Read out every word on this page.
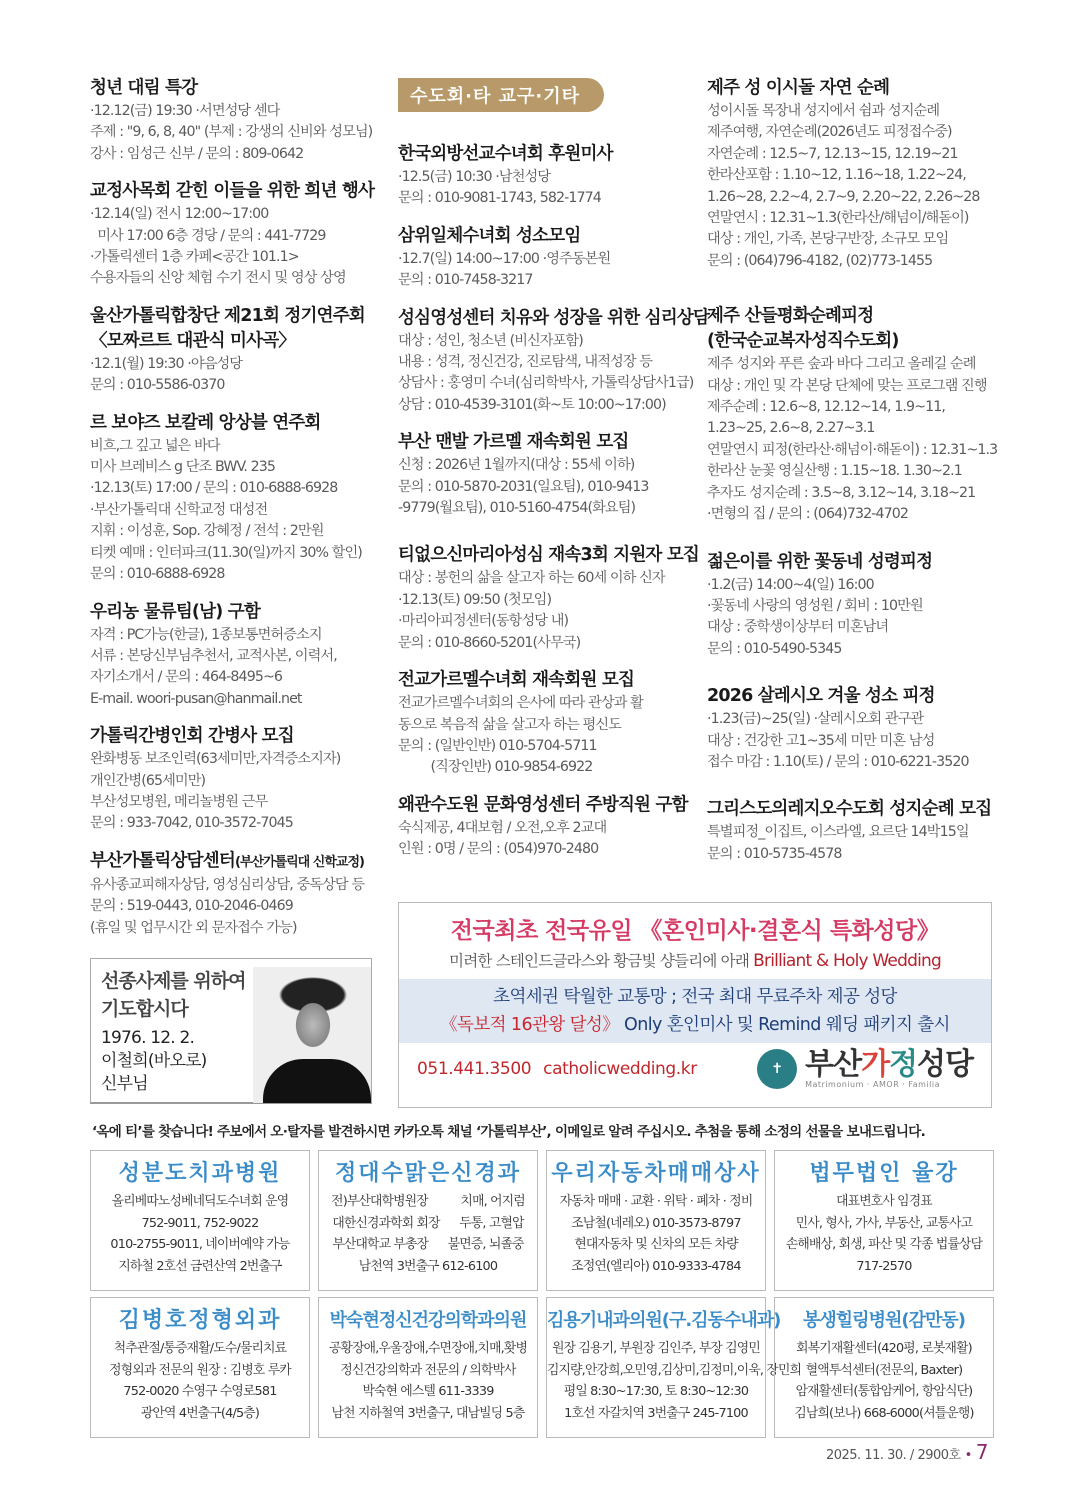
청년 대림 특강
·12.12(금) 19:30 ·서면성당 센다
주제 : "9, 6, 8, 40" (부제 : 강생의 신비와 성모님)
강사 : 임성근 신부 / 문의 : 809-0642
교정사목회 갇힌 이들을 위한 희년 행사
·12.14(일) 전시 12:00~17:00
미사 17:00 6층 경당 / 문의 : 441-7729
·가톨릭센터 1층 카페<공간 101.1>
수용자들의 신앙 체험 수기 전시 및 영상 상영
울산가톨릭합창단 제21회 정기연주회
〈모짜르트 대관식 미사곡〉
·12.1(월) 19:30 ·야음성당
문의 : 010-5586-0370
르 보야즈 보칼레 앙상블 연주회
비흐,그 깊고 넓은 바다
미사 브레비스 g 단조 BWV. 235
·12.13(토) 17:00 / 문의 : 010-6888-6928
·부산가톨릭대 신학교정 대성전
지휘 : 이성훈, Sop. 강혜정 / 전석 : 2만원
티켓 예매 : 인터파크(11.30(일)까지 30% 할인)
문의 : 010-6888-6928
우리농 물류팀(남) 구함
자격 : PC가능(한글), 1종보통면허증소지
서류 : 본당신부님추천서, 교적사본, 이력서,
자기소개서 / 문의 : 464-8495~6
E-mail. woori-pusan@hanmail.net
가톨릭간병인회 간병사 모집
완화병동 보조인력(63세미만,자격증소지자)
개인간병(65세미만)
부산성모병원, 메리놀병원 근무
문의 : 933-7042, 010-3572-7045
부산가톨릭상담센터(부산가톨릭대 신학교정)
유사종교피해자상담, 영성심리상담, 중독상담 등
문의 : 519-0443, 010-2046-0469
(휴일 및 업무시간 외 문자접수 가능)
수도회·타 교구·기타
한국외방선교수녀회 후원미사
·12.5(금) 10:30 ·남천성당
문의 : 010-9081-1743, 582-1774
삼위일체수녀회 성소모임
·12.7(일) 14:00~17:00 ·영주동본원
문의 : 010-7458-3217
성심영성센터 치유와 성장을 위한 심리상담
대상 : 성인, 청소년 (비신자포함)
내용 : 성격, 정신건강, 진로탐색, 내적성장 등
상담사 : 홍영미 수녀(심리학박사, 가톨릭상담사1급)
상담 : 010-4539-3101(화~토 10:00~17:00)
부산 맨발 가르멜 재속회원 모집
신청 : 2026년 1월까지(대상 : 55세 이하)
문의 : 010-5870-2031(일요팀), 010-9413
-9779(월요팀), 010-5160-4754(화요팀)
티없으신마리아성심 재속3회 지원자 모집
대상 : 봉헌의 삶을 살고자 하는 60세 이하 신자
·12.13(토) 09:50 (첫모임)
·마리아피정센터(동항성당 내)
문의 : 010-8660-5201(사무국)
전교가르멜수녀회 재속회원 모집
전교가르멜수녀회의 은사에 따라 관상과 활
동으로 복음적 삶을 살고자 하는 평신도
문의 : (일반인반) 010-5704-5711
(직장인반) 010-9854-6922
왜관수도원 문화영성센터 주방직원 구함
숙식제공, 4대보험 / 오전,오후 2교대
인원 : 0명 / 문의 : (054)970-2480
제주 성 이시돌 자연 순례
성이시돌 목장내 성지에서 쉼과 성지순례
제주여행, 자연순례(2026년도 피정접수중)
자연순례 : 12.5~7, 12.13~15, 12.19~21
한라산포함 : 1.10~12, 1.16~18, 1.22~24,
1.26~28, 2.2~4, 2.7~9, 2.20~22, 2.26~28
연말연시 : 12.31~1.3(한라산/해넘이/해돋이)
대상 : 개인, 가족, 본당구반장, 소규모 모임
문의 : (064)796-4182, (02)773-1455
제주 산들평화순례피정
(한국순교복자성직수도회)
제주 성지와 푸른 숲과 바다 그리고 올레길 순례
대상 : 개인 및 각 본당 단체에 맞는 프로그램 진행
제주순례 : 12.6~8, 12.12~14, 1.9~11,
1.23~25, 2.6~8, 2.27~3.1
연말연시 피정(한라산·해넘이·해돋이) : 12.31~1.3
한라산 눈꽃 영실산행 : 1.15~18. 1.30~2.1
추자도 성지순례 : 3.5~8, 3.12~14, 3.18~21
·면형의 집 / 문의 : (064)732-4702
젊은이를 위한 꽃동네 성령피정
·1.2(금) 14:00~4(일) 16:00
·꽃동네 사랑의 영성원 / 회비 : 10만원
대상 : 중학생이상부터 미혼남녀
문의 : 010-5490-5345
2026 살레시오 겨울 성소 피정
·1.23(금)~25(일) ·살레시오회 관구관
대상 : 건강한 고1~35세 미만 미혼 남성
접수 마감 : 1.10(토) / 문의 : 010-6221-3520
그리스도의레지오수도회 성지순례 모집
특별피정_이집트, 이스라엘, 요르단 14박15일
문의 : 010-5735-4578
전국최초 전국유일 《혼인미사·결혼식 특화성당》
미려한 스테인드글라스와 황금빛 샹들리에 아래 Brilliant & Holy Wedding
초역세권 탁월한 교통망 ; 전국 최대 무료주차 제공 성당
《독보적 16관왕 달성》 Only 혼인미사 및 Remind 웨딩 패키지 출시
051.441.3500 catholicwedding.kr	✝ 부산가정성당
Matrimonium · AMOR · Familia
선종사제를 위하여
기도합시다
1976. 12. 2.
이철희(바오로)
신부님
‘옥에 티’를 찾습니다! 주보에서 오·탈자를 발견하시면 카카오톡 채널 ‘가톨릭부산’, 이메일로 알려 주십시오. 추첨을 통해 소정의 선물을 보내드립니다.
성분도치과병원
올리베따노성베네딕도수녀회 운영
752-9011, 752-9022
010-2755-9011, 네이버예약 가능
지하철 2호선 금련산역 2번출구
정대수맑은신경과
전)부산대학병원장          치매, 어지럼
대한신경과학회 회장      두통, 고혈압
부산대학교 부총장      불면증, 뇌졸중
남천역 3번출구 612-6100
우리자동차매매상사
자동차 매매 · 교환 · 위탁 · 폐차 · 정비
조남철(네레오) 010-3573-8797
현대자동차 및 신차의 모든 차량
조정연(엘리아) 010-9333-4784
법무법인 율강
대표변호사 임경표
민사, 형사, 가사, 부동산, 교통사고
손해배상, 회생, 파산 및 각종 법률상담
717-2570
김병호정형외과
척추관절/통증재활/도수/물리치료
정형외과 전문의 원장 : 김병호 루카
752-0020 수영구 수영로581
광안역 4번출구(4/5층)
박숙현정신건강의학과의원
공황장애,우울장애,수면장애,치매,홧병
정신건강의학과 전문의 / 의학박사
박숙현 에스텔 611-3339
남천 지하철역 3번출구, 대남빌딩 5층
김용기내과의원(구.김동수내과)
원장 김용기, 부원장 김인주, 부장 김영민
김지량,안강희,오민영,김상미,김정미,이욱, 장민희
평일 8:30~17:30, 토 8:30~12:30
1호선 자갈치역 3번출구 245-7100
봉생힐링병원(감만동)
회복기재활센터(420평, 로봇재활)
혈액투석센터(전문의, Baxter)
암재활센터(통합암케어, 항암식단)
김남희(보나) 668-6000(셔틀운행)
2025. 11. 30. / 2900호 • 7
